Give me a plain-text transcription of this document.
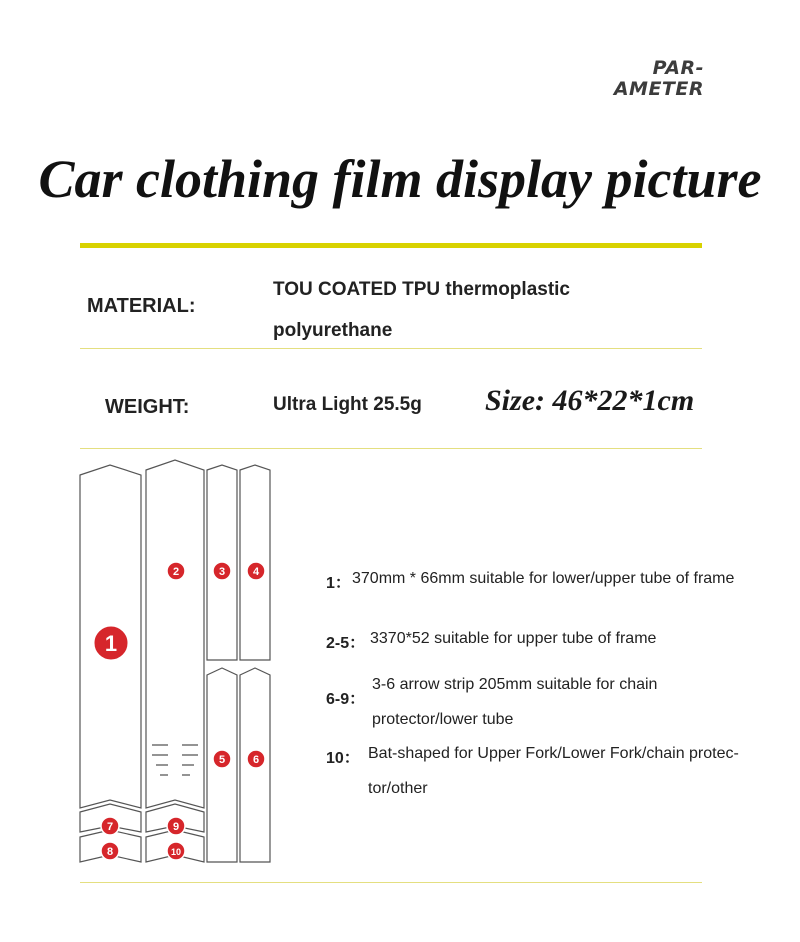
PAR-
AMETER
Car clothing film display picture
MATERIAL:
TOU COATED TPU thermoplastic
polyurethane
WEIGHT:	Ultra Light 25.5g Size: 46*22*1cm
1
2	3	4
5	6
7
8
9
10
1： 370mm * 66mm suitable for lower/upper tube of frame
2-5： 3370*52 suitable for upper tube of frame
6-9：
3-6 arrow strip 205mm suitable for chain
protector/lower tube
10： Bat-shaped for Upper Fork/Lower Fork/chain protec-
tor/other
